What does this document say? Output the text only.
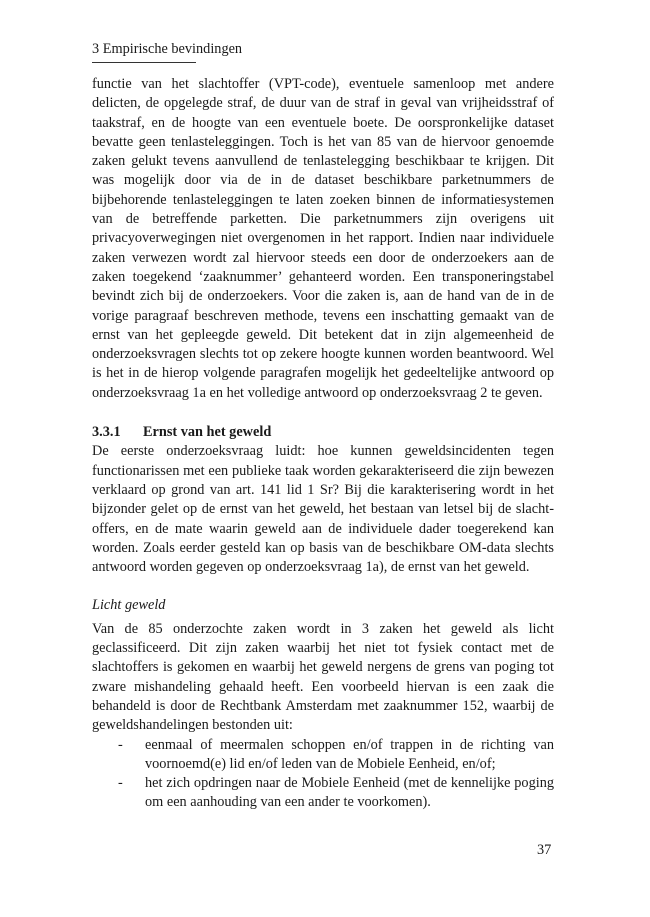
3 Empirische bevindingen

functie van het slachtoffer (VPT-code), eventuele samenloop met andere delicten, de opgelegde straf, de duur van de straf in geval van vrijheidsstraf of taakstraf, en de hoogte van een eventuele boete. De oorspronkelijke dataset bevatte geen tenlasteleggingen. Toch is het van 85 van de hiervoor genoemde zaken gelukt tevens aanvullend de tenlastelegging beschikbaar te krijgen. Dit was mogelijk door via de in de dataset beschikbare parketnummers de bijbehorende tenlasteleggingen te laten zoeken binnen de informatiesystemen van de betreffende parketten. Die parketnummers zijn overigens uit privacyoverwegingen niet overgenomen in het rapport. Indien naar individuele zaken verwezen wordt zal hiervoor steeds een door de onderzoekers aan de zaken toegekend ‘zaaknummer’ gehanteerd worden. Een transponeringstabel bevindt zich bij de onderzoekers. Voor die zaken is, aan de hand van de in de vorige paragraaf beschreven methode, tevens een inschatting gemaakt van de ernst van het gepleegde geweld. Dit betekent dat in zijn algemeenheid de onderzoeksvragen slechts tot op zekere hoogte kunnen worden beantwoord. Wel is het in de hierop volgende paragrafen mogelijk het gedeeltelijke antwoord op onderzoeksvraag 1a en het volledige antwoord op onderzoeksvraag 2 te geven.

3.3.1 Ernst van het geweld

De eerste onderzoeksvraag luidt: hoe kunnen geweldsincidenten tegen functionarissen met een publieke taak worden gekarakteriseerd die zijn bewezen verklaard op grond van art. 141 lid 1 Sr? Bij die karakterisering wordt in het bijzonder gelet op de ernst van het geweld, het bestaan van letsel bij de slachtoffers, en de mate waarin geweld aan de individuele dader toegerekend kan worden. Zoals eerder gesteld kan op basis van de beschikbare OM-data slechts antwoord worden gegeven op onderzoeksvraag 1a), de ernst van het geweld.

Licht geweld

Van de 85 onderzochte zaken wordt in 3 zaken het geweld als licht geclassificeerd. Dit zijn zaken waarbij het niet tot fysiek contact met de slachtoffers is gekomen en waarbij het geweld nergens de grens van poging tot zware mishandeling gehaald heeft. Een voorbeeld hiervan is een zaak die behandeld is door de Rechtbank Amsterdam met zaaknummer 152, waarbij de geweldshandelingen bestonden uit:

- eenmaal of meermalen schoppen en/of trappen in de richting van voornoemd(e) lid en/of leden van de Mobiele Eenheid, en/of;
- het zich opdringen naar de Mobiele Eenheid (met de kennelijke poging om een aanhouding van een ander te voorkomen).
37
